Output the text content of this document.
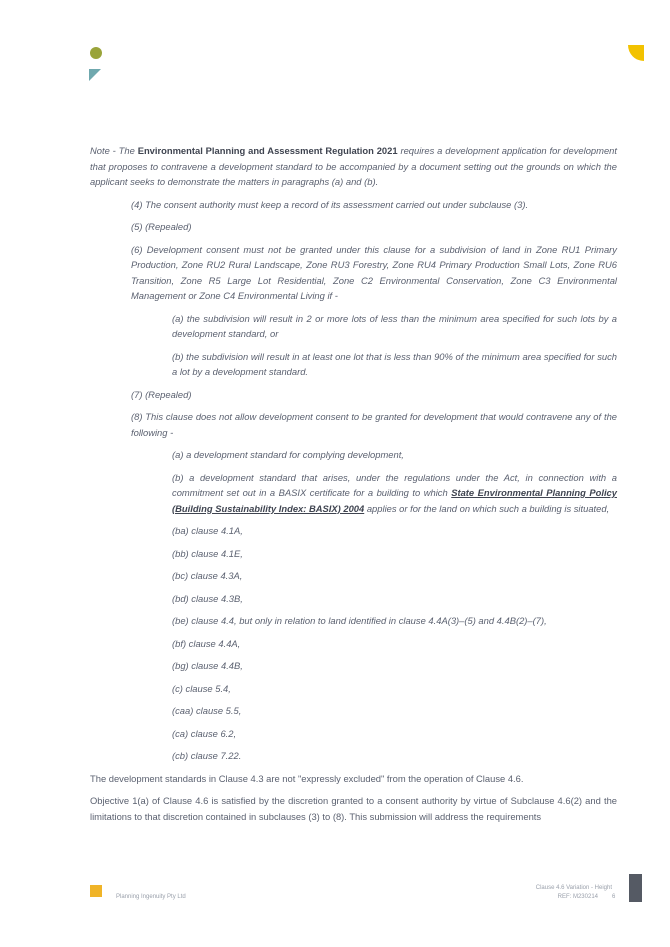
Note - The Environmental Planning and Assessment Regulation 2021 requires a development application for development that proposes to contravene a development standard to be accompanied by a document setting out the grounds on which the applicant seeks to demonstrate the matters in paragraphs (a) and (b).

(4) The consent authority must keep a record of its assessment carried out under subclause (3).

(5) (Repealed)

(6) Development consent must not be granted under this clause for a subdivision of land in Zone RU1 Primary Production, Zone RU2 Rural Landscape, Zone RU3 Forestry, Zone RU4 Primary Production Small Lots, Zone RU6 Transition, Zone R5 Large Lot Residential, Zone C2 Environmental Conservation, Zone C3 Environmental Management or Zone C4 Environmental Living if -

(a) the subdivision will result in 2 or more lots of less than the minimum area specified for such lots by a development standard, or

(b) the subdivision will result in at least one lot that is less than 90% of the minimum area specified for such a lot by a development standard.

(7) (Repealed)

(8) This clause does not allow development consent to be granted for development that would contravene any of the following -

(a) a development standard for complying development,

(b) a development standard that arises, under the regulations under the Act, in connection with a commitment set out in a BASIX certificate for a building to which State Environmental Planning Policy (Building Sustainability Index: BASIX) 2004 applies or for the land on which such a building is situated,

(ba) clause 4.1A,

(bb) clause 4.1E,

(bc) clause 4.3A,

(bd) clause 4.3B,

(be) clause 4.4, but only in relation to land identified in clause 4.4A(3)–(5) and 4.4B(2)–(7),

(bf) clause 4.4A,

(bg) clause 4.4B,

(c) clause 5.4,

(caa) clause 5.5,

(ca) clause 6.2,

(cb) clause 7.22.

The development standards in Clause 4.3 are not "expressly excluded" from the operation of Clause 4.6.

Objective 1(a) of Clause 4.6 is satisfied by the discretion granted to a consent authority by virtue of Subclause 4.6(2) and the limitations to that discretion contained in subclauses (3) to (8). This submission will address the requirements

Planning Ingenuity Pty Ltd
Clause 4.6 Variation - Height
REF: M230214 6
